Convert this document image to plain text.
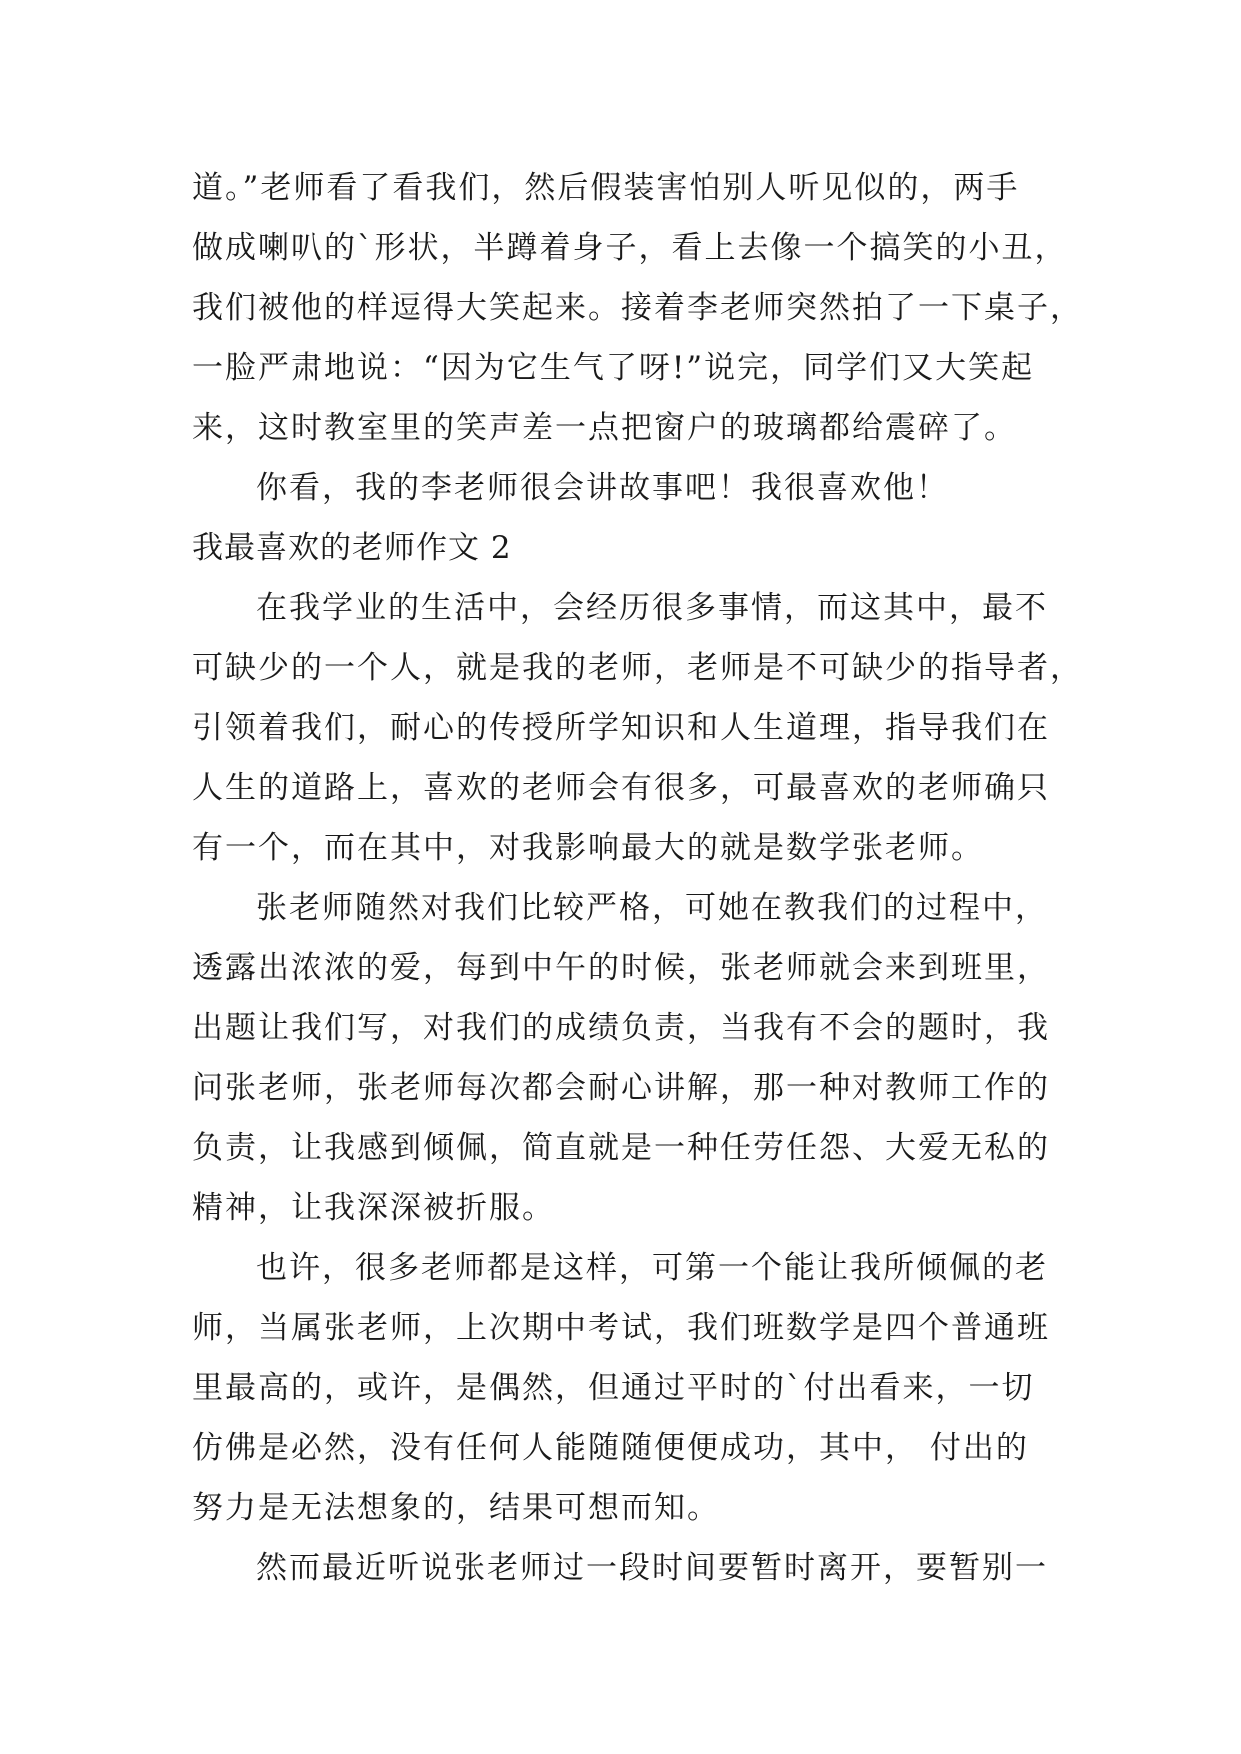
道。”老师看了看我们，然后假装害怕别人听见似的，两手
做成喇叭的`形状，半蹲着身子，看上去像一个搞笑的小丑，
我们被他的样逗得大笑起来。接着李老师突然拍了一下桌子，
一脸严肃地说：“因为它生气了呀!”说完，同学们又大笑起
来，这时教室里的笑声差一点把窗户的玻璃都给震碎了。
你看，我的李老师很会讲故事吧！我很喜欢他！
我最喜欢的老师作文 2
在我学业的生活中，会经历很多事情，而这其中，最不
可缺少的一个人，就是我的老师，老师是不可缺少的指导者，
引领着我们，耐心的传授所学知识和人生道理，指导我们在
人生的道路上，喜欢的老师会有很多，可最喜欢的老师确只
有一个，而在其中，对我影响最大的就是数学张老师。
张老师随然对我们比较严格，可她在教我们的过程中，
透露出浓浓的爱，每到中午的时候，张老师就会来到班里，
出题让我们写，对我们的成绩负责，当我有不会的题时，我
问张老师，张老师每次都会耐心讲解，那一种对教师工作的
负责，让我感到倾佩，简直就是一种任劳任怨、大爱无私的
精神，让我深深被折服。
也许，很多老师都是这样，可第一个能让我所倾佩的老
师，当属张老师，上次期中考试，我们班数学是四个普通班
里最高的，或许，是偶然，但通过平时的`付出看来，一切
仿佛是必然，没有任何人能随随便便成功，其中， 付出的
努力是无法想象的，结果可想而知。
然而最近听说张老师过一段时间要暂时离开，要暂别一
